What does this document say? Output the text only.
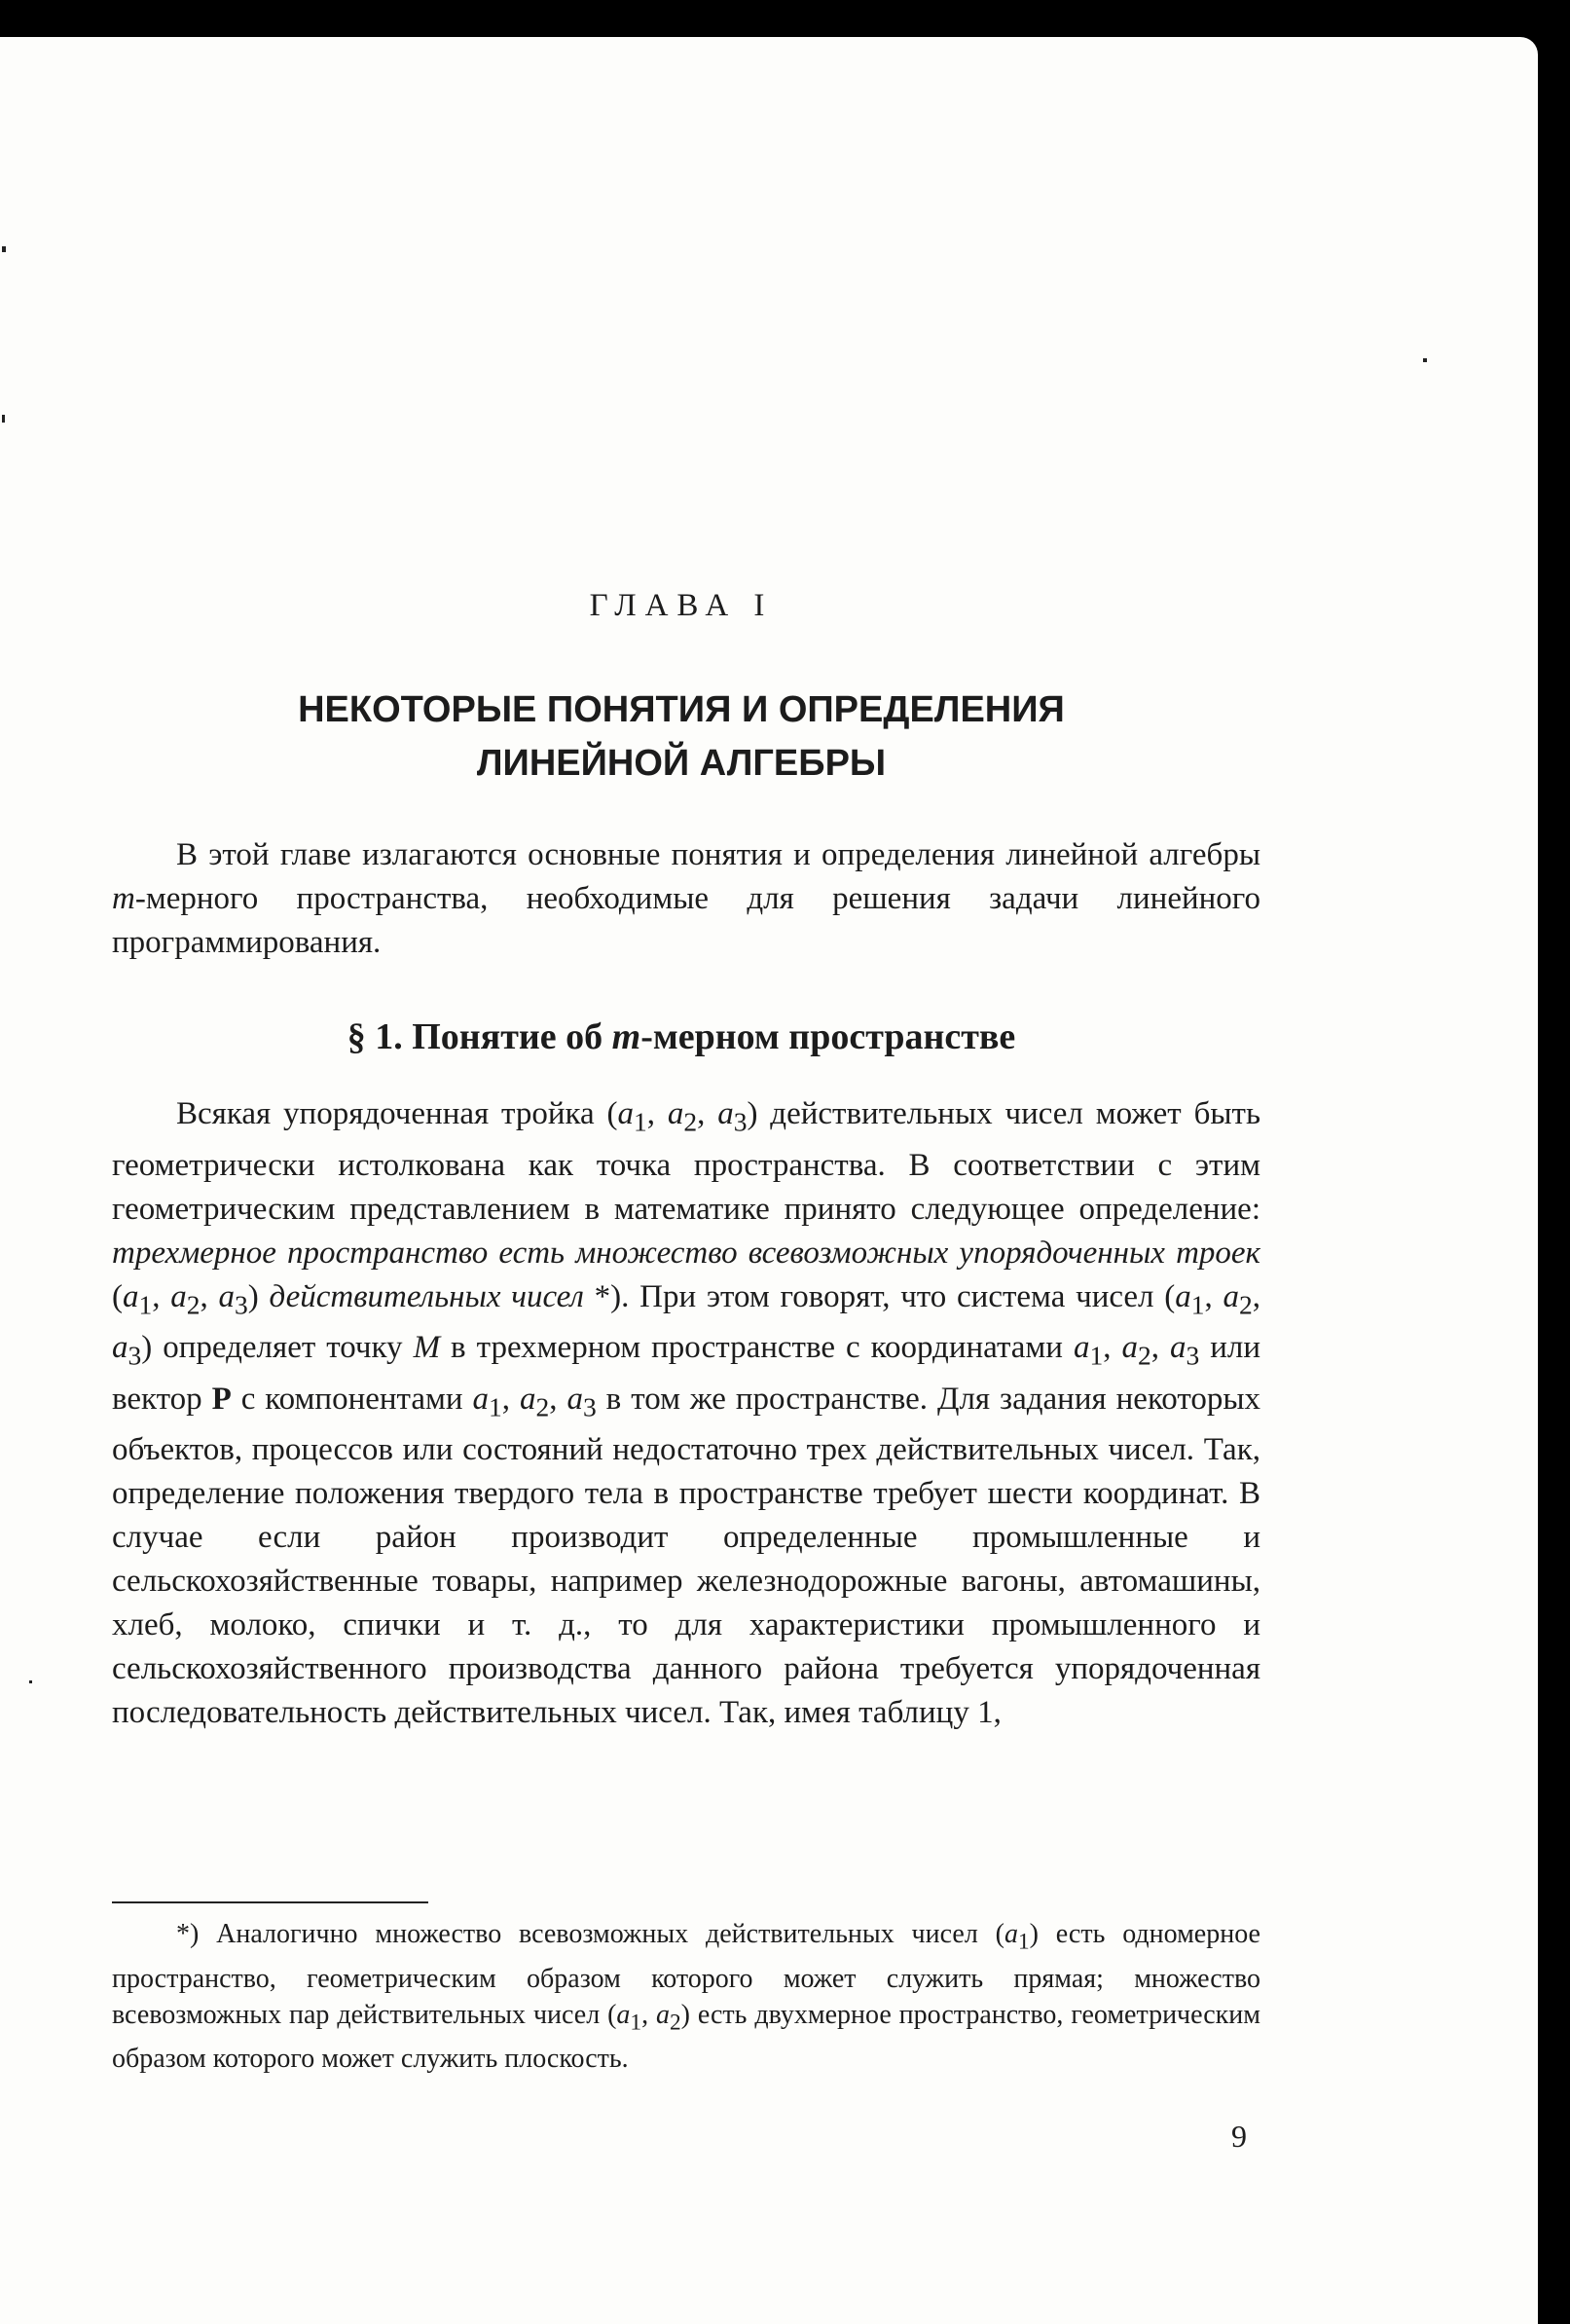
ГЛАВА I
НЕКОТОРЫЕ ПОНЯТИЯ И ОПРЕДЕЛЕНИЯ
ЛИНЕЙНОЙ АЛГЕБРЫ

В этой главе излагаются основные понятия и определения линейной алгебры m-мерного пространства, необходимые для решения задачи линейного программирования.

§ 1. Понятие об m-мерном пространстве

Всякая упорядоченная тройка ($a_1$, $a_2$, $a_3$) действительных чисел может быть геометрически истолкована как точка пространства. В соответствии с этим геометрическим представлением в математике принято следующее определение: трехмерное пространство есть множество всевозможных упорядоченных троек ($a_1$, $a_2$, $a_3$) действительных чисел *). При этом говорят, что система чисел ($a_1$, $a_2$, $a_3$) определяет точку M в трехмерном пространстве с координатами $a_1$, $a_2$, $a_3$ или вектор P с компонентами $a_1$, $a_2$, $a_3$ в том же пространстве. Для задания некоторых объектов, процессов или состояний недостаточно трех действительных чисел. Так, определение положения твердого тела в пространстве требует шести координат. В случае если район производит определенные промышленные и сельскохозяйственные товары, например железнодорожные вагоны, автомашины, хлеб, молоко, спички и т. д., то для характеристики промышленного и сельскохозяйственного производства данного района требуется упорядоченная последовательность действительных чисел. Так, имея таблицу 1,

*) Аналогично множество всевозможных действительных чисел $(a_1)$ есть одномерное пространство, геометрическим образом которого может служить прямая; множество всевозможных пар действительных чисел ($a_1$, $a_2$) есть двухмерное пространство, геометрическим образом которого может служить плоскость.

9
